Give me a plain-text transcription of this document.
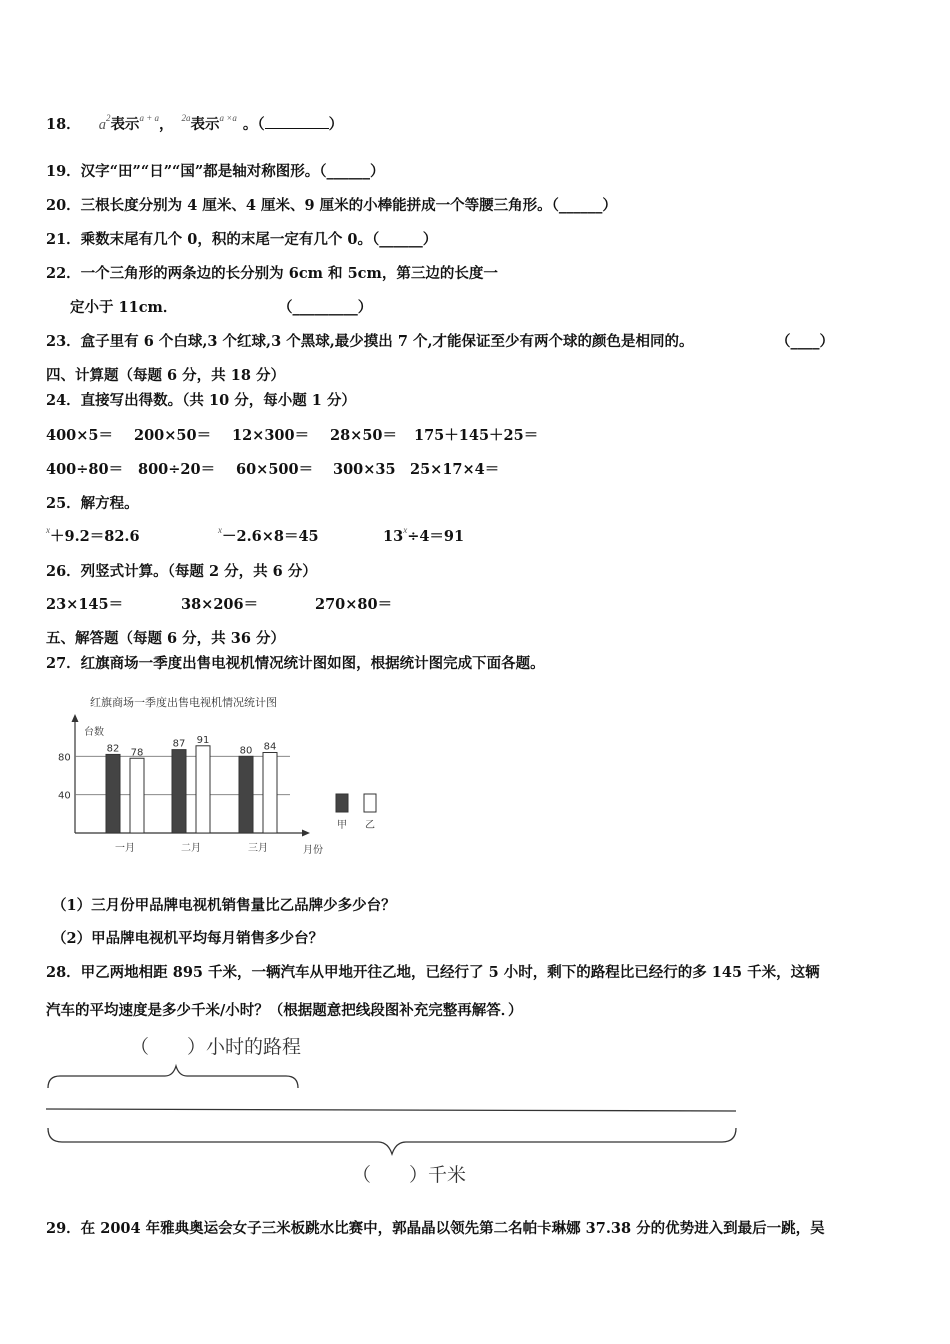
18． $a^2$表示$^{a + a}$， $^{2a}$表示$^{a \times a}$ 。（	）
19．汉字“田”“日”“国”都是轴对称图形。（______）
20．三根长度分别为 4 厘米、4 厘米、9 厘米的小棒能拼成一个等腰三角形。（______）
21．乘数末尾有几个 0，积的末尾一定有几个 0。（______）
22．一个三角形的两条边的长分别为 6cm 和 5cm，第三边的长度一
定小于 11cm．	（_________）
23．盒子里有 6 个白球,3 个红球,3 个黑球,最少摸出 7 个,才能保证至少有两个球的颜色是相同的。	（____）
四、计算题（每题 6 分，共 18 分）
24．直接写出得数。（共 10 分，每小题 1 分）
400×5＝ 200×50＝ 12×300＝ 28×50＝ 175＋145＋25＝
400÷80＝ 800÷20＝ 60×500＝ 300×35 25×17×4＝
25．解方程。
$^x$＋9.2＝82.6	$^x$－2.6×8＝45	$13^x\div 4=91$
26．列竖式计算。（每题 2 分，共 6 分）
23×145＝	38×206＝	270×80＝
五、解答题（每题 6 分，共 36 分）
27．红旗商场一季度出售电视机情况统计图如图，根据统计图完成下面各题。
红旗商场一季度出售电视机情况统计图
台数
月份
40
80
82 78
一月
87 91
二月
80 84
三月
甲 乙
（1）三月份甲品牌电视机销售量比乙品牌少多少台？
（2）甲品牌电视机平均每月销售多少台？
28．甲乙两地相距 895 千米，一辆汽车从甲地开往乙地，已经行了 5 小时，剩下的路程比已经行的多 145 千米，这辆
汽车的平均速度是多少千米/小时？（根据题意把线段图补充完整再解答．）
（　　）小时的路程
（　　）千米
29．在 2004 年雅典奥运会女子三米板跳水比赛中，郭晶晶以领先第二名帕卡琳娜 37.38 分的优势进入到最后一跳，吴
